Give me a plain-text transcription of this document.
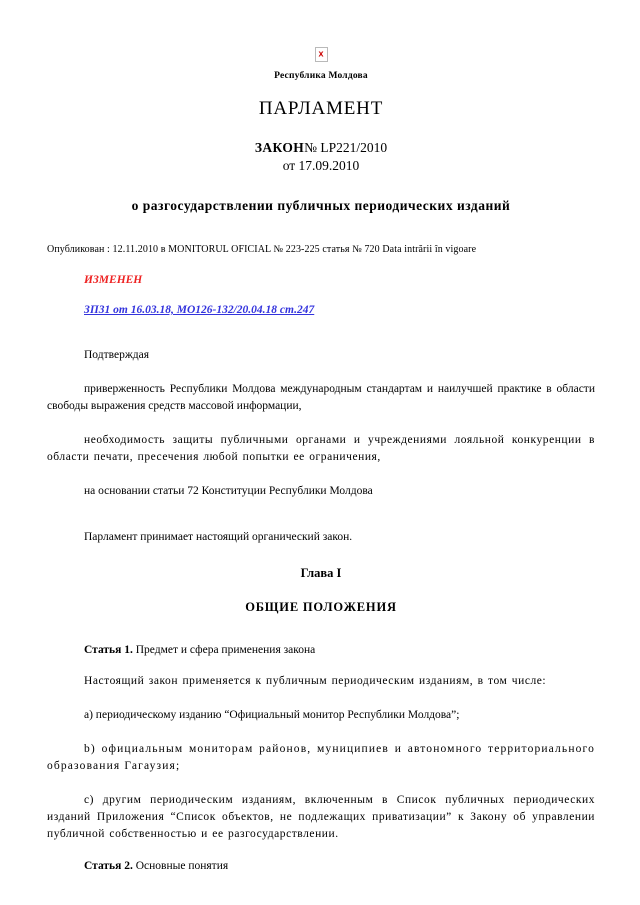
x
Республика Молдова
ПАРЛАМЕНТ
ЗАКОН№ LP221/2010
от 17.09.2010
о разгосударствлении публичных периодических изданий
Опубликован : 12.11.2010 в MONITORUL OFICIAL № 223-225 статья № 720 Data intrării în vigoare
ИЗМЕНЕН
ЗП31 от 16.03.18, МО126-132/20.04.18 ст.247

Подтверждая

приверженность Республики Молдова международным стандартам и наилучшей практике в области свободы выражения средств массовой информации,

необходимость защиты публичными органами и учреждениями лояльной конкуренции в области печати, пресечения любой попытки ее ограничения,

на основании статьи 72 Конституции Республики Молдова

Парламент принимает настоящий органический закон.

Глава I

ОБЩИЕ ПОЛОЖЕНИЯ

Статья 1. Предмет и сфера применения закона

Настоящий закон применяется к публичным периодическим изданиям, в том числе:

a) периодическому изданию “Официальный монитор Республики Молдова”;

b) официальным мониторам районов, муниципиев и автономного территориального образования Гагаузия;

c) другим периодическим изданиям, включенным в Список публичных периодических изданий Приложения “Список объектов, не подлежащих приватизации” к Закону об управлении публичной собственностью и ее разгосударствлении.

Статья 2. Основные понятия
